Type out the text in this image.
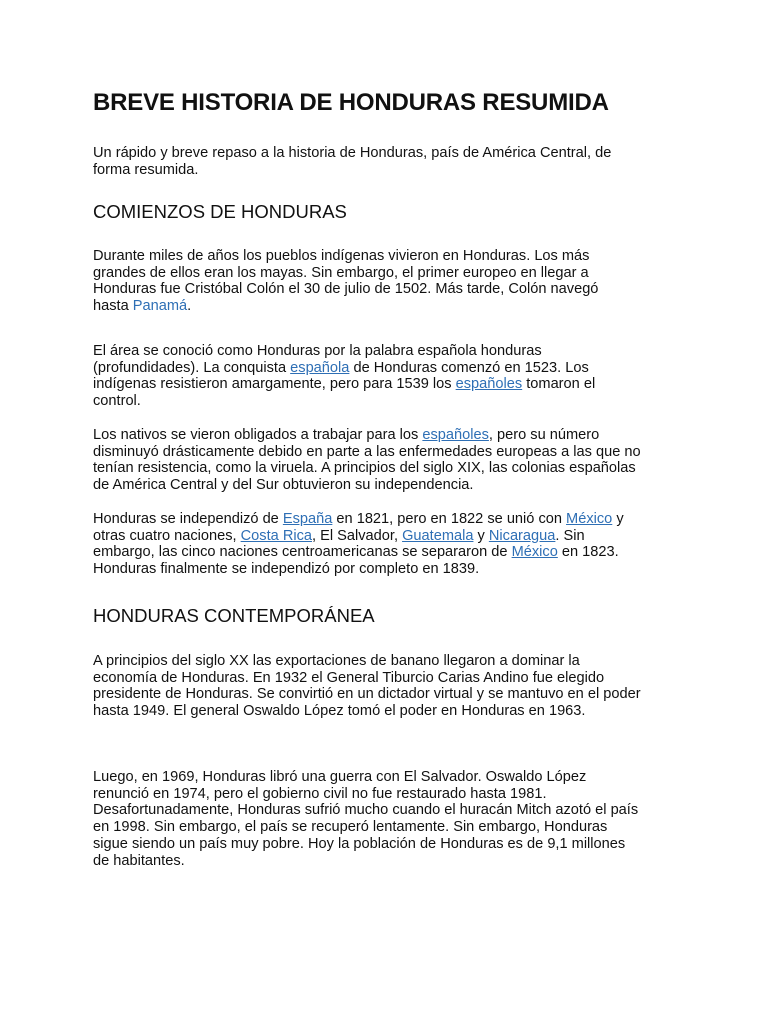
BREVE HISTORIA DE HONDURAS RESUMIDA

Un rápido y breve repaso a la historia de Honduras, país de América Central, de
forma resumida.

COMIENZOS DE HONDURAS

Durante miles de años los pueblos indígenas vivieron en Honduras. Los más
grandes de ellos eran los mayas. Sin embargo, el primer europeo en llegar a
Honduras fue Cristóbal Colón el 30 de julio de 1502. Más tarde, Colón navegó
hasta Panamá.

El área se conoció como Honduras por la palabra española honduras
(profundidades). La conquista española de Honduras comenzó en 1523. Los
indígenas resistieron amargamente, pero para 1539 los españoles tomaron el
control.

Los nativos se vieron obligados a trabajar para los españoles, pero su número
disminuyó drásticamente debido en parte a las enfermedades europeas a las que no
tenían resistencia, como la viruela. A principios del siglo XIX, las colonias españolas
de América Central y del Sur obtuvieron su independencia.

Honduras se independizó de España en 1821, pero en 1822 se unió con México y
otras cuatro naciones, Costa Rica, El Salvador, Guatemala y Nicaragua. Sin
embargo, las cinco naciones centroamericanas se separaron de México en 1823.
Honduras finalmente se independizó por completo en 1839.

HONDURAS CONTEMPORÁNEA

A principios del siglo XX las exportaciones de banano llegaron a dominar la
economía de Honduras. En 1932 el General Tiburcio Carias Andino fue elegido
presidente de Honduras. Se convirtió en un dictador virtual y se mantuvo en el poder
hasta 1949. El general Oswaldo López tomó el poder en Honduras en 1963.

Luego, en 1969, Honduras libró una guerra con El Salvador. Oswaldo López
renunció en 1974, pero el gobierno civil no fue restaurado hasta 1981.
Desafortunadamente, Honduras sufrió mucho cuando el huracán Mitch azotó el país
en 1998. Sin embargo, el país se recuperó lentamente. Sin embargo, Honduras
sigue siendo un país muy pobre. Hoy la población de Honduras es de 9,1 millones
de habitantes.
